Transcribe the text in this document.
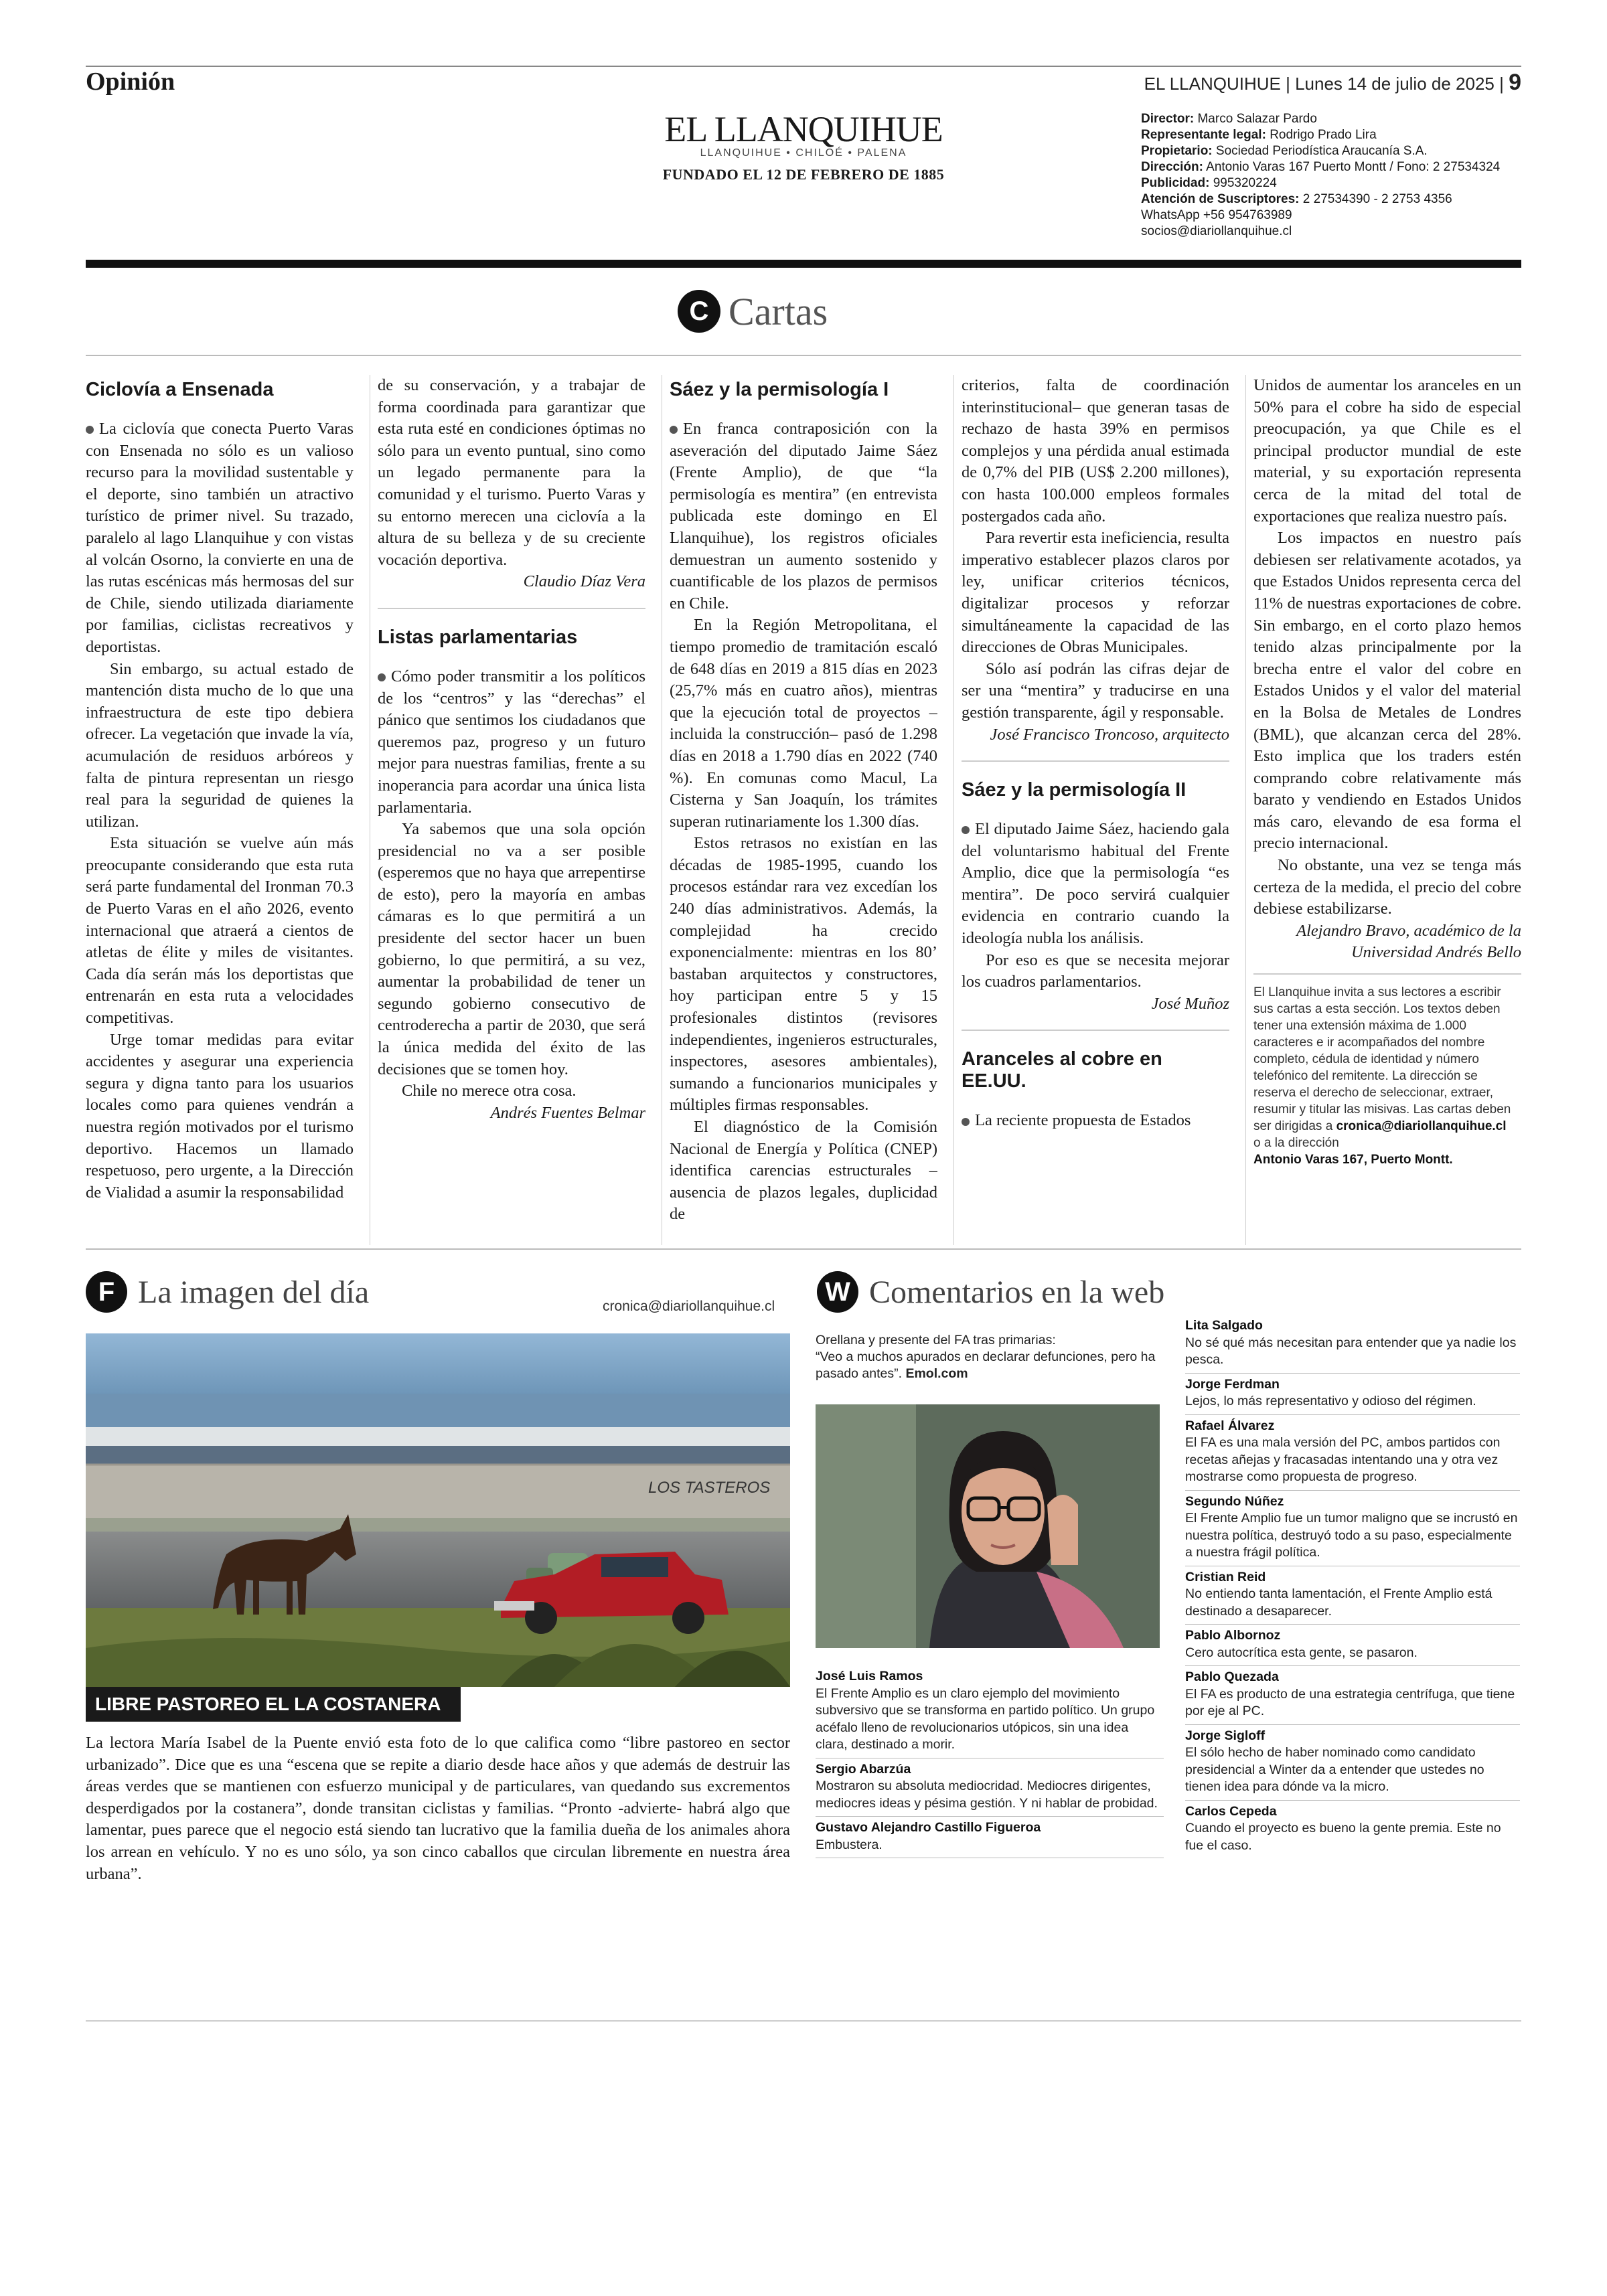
Opinión	EL LLANQUIHUE | Lunes 14 de julio de 2025 | 9
EL LLANQUIHUE
LLANQUIHUE • CHILOÉ • PALENA
FUNDADO EL 12 DE FEBRERO DE 1885
Director: Marco Salazar Pardo
Representante legal: Rodrigo Prado Lira
Propietario: Sociedad Periodística Araucanía S.A.
Dirección: Antonio Varas 167 Puerto Montt / Fono: 2 27534324
Publicidad: 995320224
Atención de Suscriptores: 2 27534390 - 2 2753 4356
WhatsApp +56 954763989
socios@diariollanquihue.cl
C Cartas
Ciclovía a Ensenada

La ciclovía que conecta Puerto Varas con Ensenada no sólo es un valioso recurso para la movilidad sustentable y el deporte, sino también un atractivo turístico de primer nivel. Su trazado, paralelo al lago Llanquihue y con vistas al volcán Osorno, la convierte en una de las rutas escénicas más hermosas del sur de Chile, siendo utilizada diariamente por familias, ciclistas recreativos y deportistas.

Sin embargo, su actual estado de mantención dista mucho de lo que una infraestructura de este tipo debiera ofrecer. La vegetación que invade la vía, acumulación de residuos arbóreos y falta de pintura representan un riesgo real para la seguridad de quienes la utilizan.

Esta situación se vuelve aún más preocupante considerando que esta ruta será parte fundamental del Ironman 70.3 de Puerto Varas en el año 2026, evento internacional que atraerá a cientos de atletas de élite y miles de visitantes. Cada día serán más los deportistas que entrenarán en esta ruta a velocidades competitivas.

Urge tomar medidas para evitar accidentes y asegurar una experiencia segura y digna tanto para los usuarios locales como para quienes vendrán a nuestra región motivados por el turismo deportivo. Hacemos un llamado respetuoso, pero urgente, a la Dirección de Vialidad a asumir la responsabilidad

de su conservación, y a trabajar de forma coordinada para garantizar que esta ruta esté en condiciones óptimas no sólo para un evento puntual, sino como un legado permanente para la comunidad y el turismo. Puerto Varas y su entorno merecen una ciclovía a la altura de su belleza y de su creciente vocación deportiva.

Claudio Díaz Vera

Listas parlamentarias

Cómo poder transmitir a los políticos de los “centros” y las “derechas” el pánico que sentimos los ciudadanos que queremos paz, progreso y un futuro mejor para nuestras familias, frente a su inoperancia para acordar una única lista parlamentaria.

Ya sabemos que una sola opción presidencial no va a ser posible (esperemos que no haya que arrepentirse de esto), pero la mayoría en ambas cámaras es lo que permitirá a un presidente del sector hacer un buen gobierno, lo que permitirá, a su vez, aumentar la probabilidad de tener un segundo gobierno consecutivo de centroderecha a partir de 2030, que será la única medida del éxito de las decisiones que se tomen hoy.

Chile no merece otra cosa.

Andrés Fuentes Belmar

Sáez y la permisología I

En franca contraposición con la aseveración del diputado Jaime Sáez (Frente Amplio), de que “la permisología es mentira” (en entrevista publicada este domingo en El Llanquihue), los registros oficiales demuestran un aumento sostenido y cuantificable de los plazos de permisos en Chile.

En la Región Metropolitana, el tiempo promedio de tramitación escaló de 648 días en 2019 a 815 días en 2023 (25,7% más en cuatro años), mientras que la ejecución total de proyectos –incluida la construcción– pasó de 1.298 días en 2018 a 1.790 días en 2022 (740 %). En comunas como Macul, La Cisterna y San Joaquín, los trámites superan rutinariamente los 1.300 días.

Estos retrasos no existían en las décadas de 1985-1995, cuando los procesos estándar rara vez excedían los 240 días administrativos. Además, la complejidad ha crecido exponencialmente: mientras en los 80’ bastaban arquitectos y constructores, hoy participan entre 5 y 15 profesionales distintos (revisores independientes, ingenieros estructurales, inspectores, asesores ambientales), sumando a funcionarios municipales y múltiples firmas responsables.

El diagnóstico de la Comisión Nacional de Energía y Política (CNEP) identifica carencias estructurales –ausencia de plazos legales, duplicidad de

criterios, falta de coordinación interinstitucional– que generan tasas de rechazo de hasta 39% en permisos complejos y una pérdida anual estimada de 0,7% del PIB (US$ 2.200 millones), con hasta 100.000 empleos formales postergados cada año.

Para revertir esta ineficiencia, resulta imperativo establecer plazos claros por ley, unificar criterios técnicos, digitalizar procesos y reforzar simultáneamente la capacidad de las direcciones de Obras Municipales.

Sólo así podrán las cifras dejar de ser una “mentira” y traducirse en una gestión transparente, ágil y responsable.

José Francisco Troncoso, arquitecto

Sáez y la permisología II

El diputado Jaime Sáez, haciendo gala del voluntarismo habitual del Frente Amplio, dice que la permisología “es mentira”. De poco servirá cualquier evidencia en contrario cuando la ideología nubla los análisis.

Por eso es que se necesita mejorar los cuadros parlamentarios.

José Muñoz

Aranceles al cobre en EE.UU.

La reciente propuesta de Estados

Unidos de aumentar los aranceles en un 50% para el cobre ha sido de especial preocupación, ya que Chile es el principal productor mundial de este material, y su exportación representa cerca de la mitad del total de exportaciones que realiza nuestro país.

Los impactos en nuestro país debiesen ser relativamente acotados, ya que Estados Unidos representa cerca del 11% de nuestras exportaciones de cobre. Sin embargo, en el corto plazo hemos tenido alzas principalmente por la brecha entre el valor del cobre en Estados Unidos y el valor del material en la Bolsa de Metales de Londres (BML), que alcanzan cerca del 28%. Esto implica que los traders estén comprando cobre relativamente más barato y vendiendo en Estados Unidos más caro, elevando de esa forma el precio internacional.

No obstante, una vez se tenga más certeza de la medida, el precio del cobre debiese estabilizarse.

Alejandro Bravo, académico de la Universidad Andrés Bello

El Llanquihue invita a sus lectores a escribir sus cartas a esta sección. Los textos deben tener una extensión máxima de 1.000 caracteres e ir acompañados del nombre completo, cédula de identidad y número telefónico del remitente. La dirección se reserva el derecho de seleccionar, extraer, resumir y titular las misivas. Las cartas deben ser dirigidas a cronica@diariollanquihue.cl
o a la dirección
Antonio Varas 167, Puerto Montt.
F La imagen del día	cronica@diariollanquihue.cl
LOS TASTEROS
LIBRE PASTOREO EL LA COSTANERA
La lectora María Isabel de la Puente envió esta foto de lo que califica como “libre pastoreo en sector urbanizado”. Dice que es una “escena que se repite a diario desde hace años y que además de destruir las áreas verdes que se mantienen con esfuerzo municipal y de particulares, van quedando sus excrementos desperdigados por la costanera”, donde transitan ciclistas y familias. “Pronto -advierte- habrá algo que lamentar, pues parece que el negocio está siendo tan lucrativo que la familia dueña de los animales ahora los arrean en vehículo. Y no es uno sólo, ya son cinco caballos que circulan libremente en nuestra área urbana”.
W Comentarios en la web
Orellana y presente del FA tras primarias:
“Veo a muchos apurados en declarar defunciones, pero ha pasado antes”. Emol.com
José Luis Ramos
El Frente Amplio es un claro ejemplo del movimiento subversivo que se transforma en partido político. Un grupo acéfalo lleno de revolucionarios utópicos, sin una idea clara, destinado a morir.
Sergio Abarzúa
Mostraron su absoluta mediocridad. Mediocres dirigentes, mediocres ideas y pésima gestión. Y ni hablar de probidad.
Gustavo Alejandro Castillo Figueroa
Embustera.
Lita Salgado
No sé qué más necesitan para entender que ya nadie los pesca.
Jorge Ferdman
Lejos, lo más representativo y odioso del régimen.
Rafael Álvarez
El FA es una mala versión del PC, ambos partidos con recetas añejas y fracasadas intentando una y otra vez mostrarse como propuesta de progreso.
Segundo Núñez
El Frente Amplio fue un tumor maligno que se incrustó en nuestra política, destruyó todo a su paso, especialmente a nuestra frágil política.
Cristian Reid
No entiendo tanta lamentación, el Frente Amplio está destinado a desaparecer.
Pablo Albornoz
Cero autocrítica esta gente, se pasaron.
Pablo Quezada
El FA es producto de una estrategia centrífuga, que tiene por eje al PC.
Jorge Sigloff
El sólo hecho de haber nominado como candidato presidencial a Winter da a entender que ustedes no tienen idea para dónde va la micro.
Carlos Cepeda
Cuando el proyecto es bueno la gente premia. Este no fue el caso.
